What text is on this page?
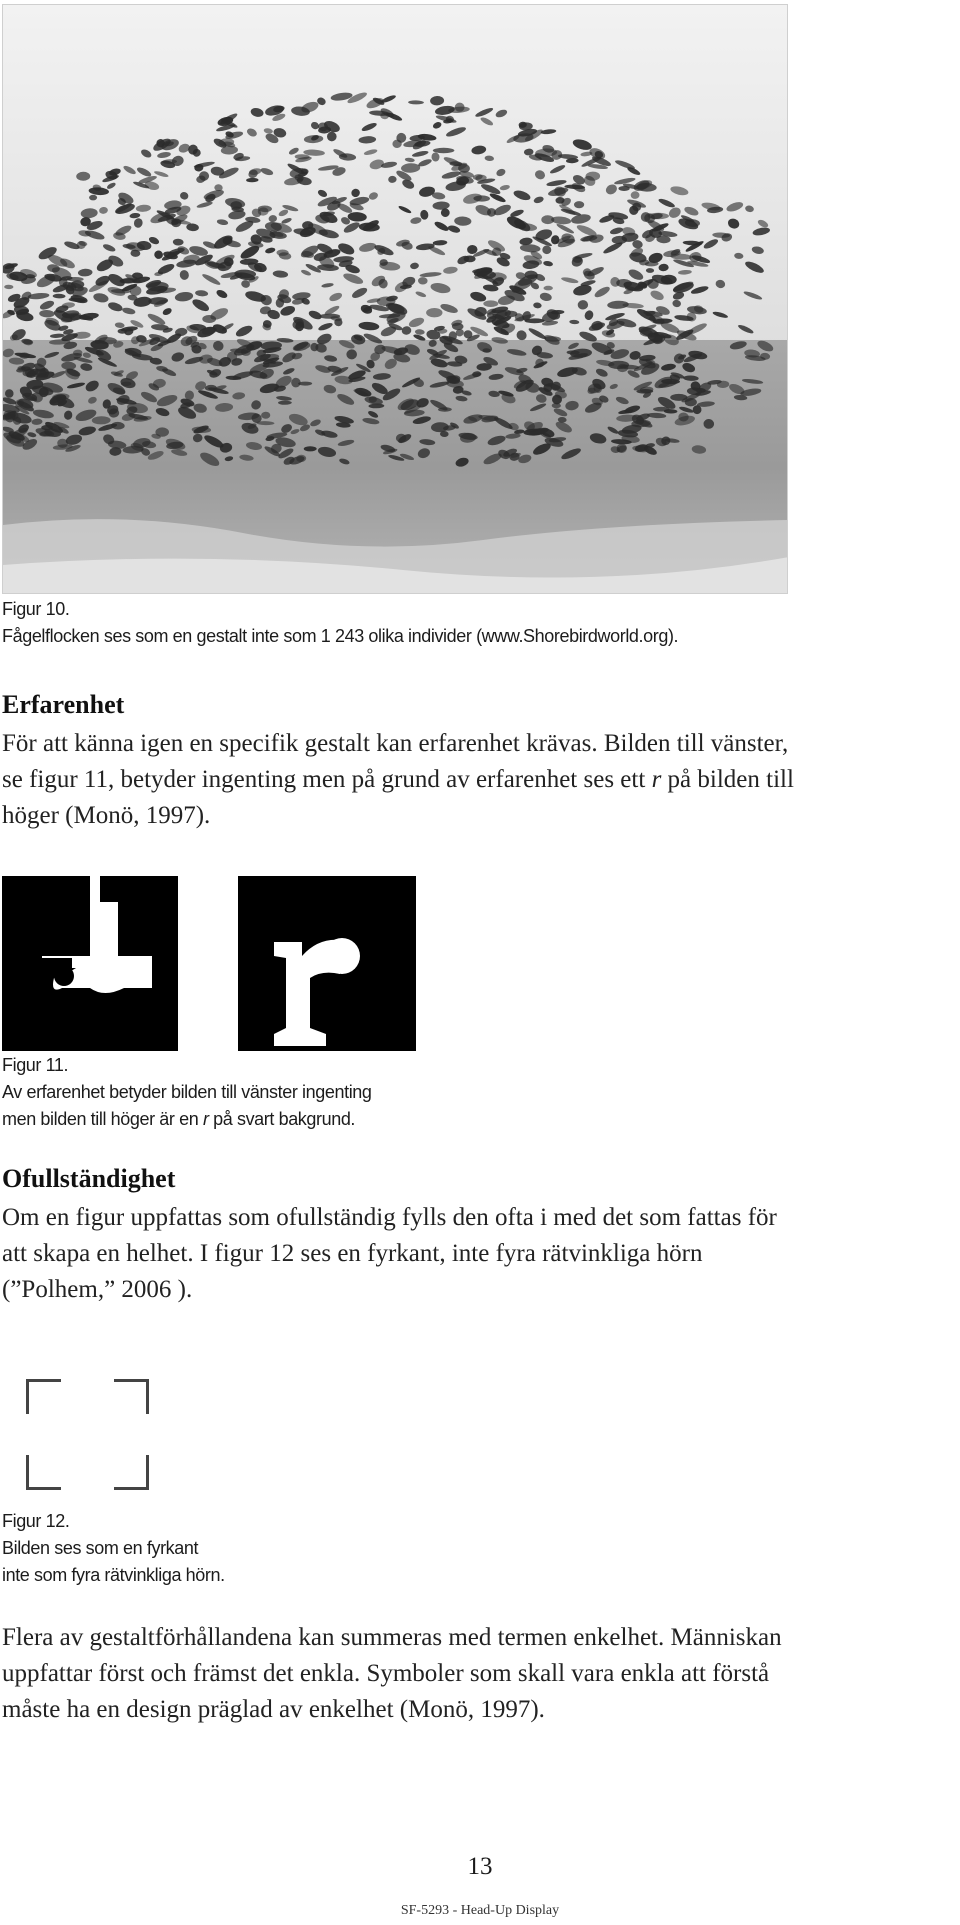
Figur 10.

Fågelflocken ses som en gestalt inte som 1 243 olika individer (www.Shorebirdworld.org).

Erfarenhet
För att känna igen en specifik gestalt kan erfarenhet krävas. Bilden till vänster,
se figur 11, betyder ingenting men på grund av erfarenhet ses ett r på bilden till
höger (Monö, 1997).

Figur 11.

Av erfarenhet betyder bilden till vänster ingenting

men bilden till höger är en r på svart bakgrund.

Ofullständighet
Om en figur uppfattas som ofullständig fylls den ofta i med det som fattas för
att skapa en helhet. I figur 12 ses en fyrkant, inte fyra rätvinkliga hörn
(”Polhem,” 2006 ).

Figur 12.

Bilden ses som en fyrkant

inte som fyra rätvinkliga hörn.

Flera av gestaltförhållandena kan summeras med termen enkelhet. Människan
uppfattar först och främst det enkla. Symboler som skall vara enkla att förstå
måste ha en design präglad av enkelhet (Monö, 1997).
13
SF-5293 - Head-Up Display
